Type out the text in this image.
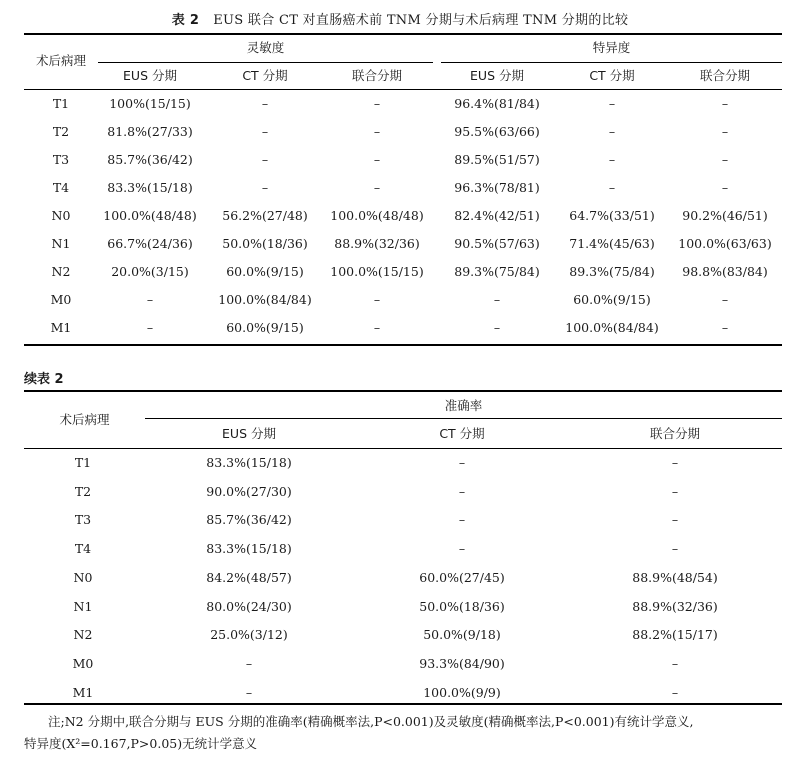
表 2 EUS 联合 CT 对直肠癌术前 TNM 分期与术后病理 TNM 分期的比较
术后病理
灵敏度	特异度
EUS 分期	CT 分期	联合分期	EUS 分期	CT 分期	联合分期
T1	100%(15/15)	–	–	96.4%(81/84)	–	–
T2	81.8%(27/33)	–	–	95.5%(63/66)	–	–
T3	85.7%(36/42)	–	–	89.5%(51/57)	–	–
T4	83.3%(15/18)	–	–	96.3%(78/81)	–	–
N0	100.0%(48/48)	56.2%(27/48)	100.0%(48/48)	82.4%(42/51)	64.7%(33/51)	90.2%(46/51)
N1	66.7%(24/36)	50.0%(18/36)	88.9%(32/36)	90.5%(57/63)	71.4%(45/63)	100.0%(63/63)
N2	20.0%(3/15)	60.0%(9/15)	100.0%(15/15)	89.3%(75/84)	89.3%(75/84)	98.8%(83/84)
M0	–	100.0%(84/84)	–	–	60.0%(9/15)	–
M1	–	60.0%(9/15)	–	–	100.0%(84/84)	–
续表 2
术后病理
准确率
EUS 分期	CT 分期	联合分期
T1	83.3%(15/18)	–	–
T2	90.0%(27/30)	–	–
T3	85.7%(36/42)	–	–
T4	83.3%(15/18)	–	–
N0	84.2%(48/57)	60.0%(27/45)	88.9%(48/54)
N1	80.0%(24/30)	50.0%(18/36)	88.9%(32/36)
N2	25.0%(3/12)	50.0%(9/18)	88.2%(15/17)
M0	–	93.3%(84/90)	–
M1	–	100.0%(9/9)	–
注;N2 分期中,联合分期与 EUS 分期的准确率(精确概率法,P<0.001)及灵敏度(精确概率法,P<0.001)有统计学意义,
特异度(X²=0.167,P>0.05)无统计学意义
